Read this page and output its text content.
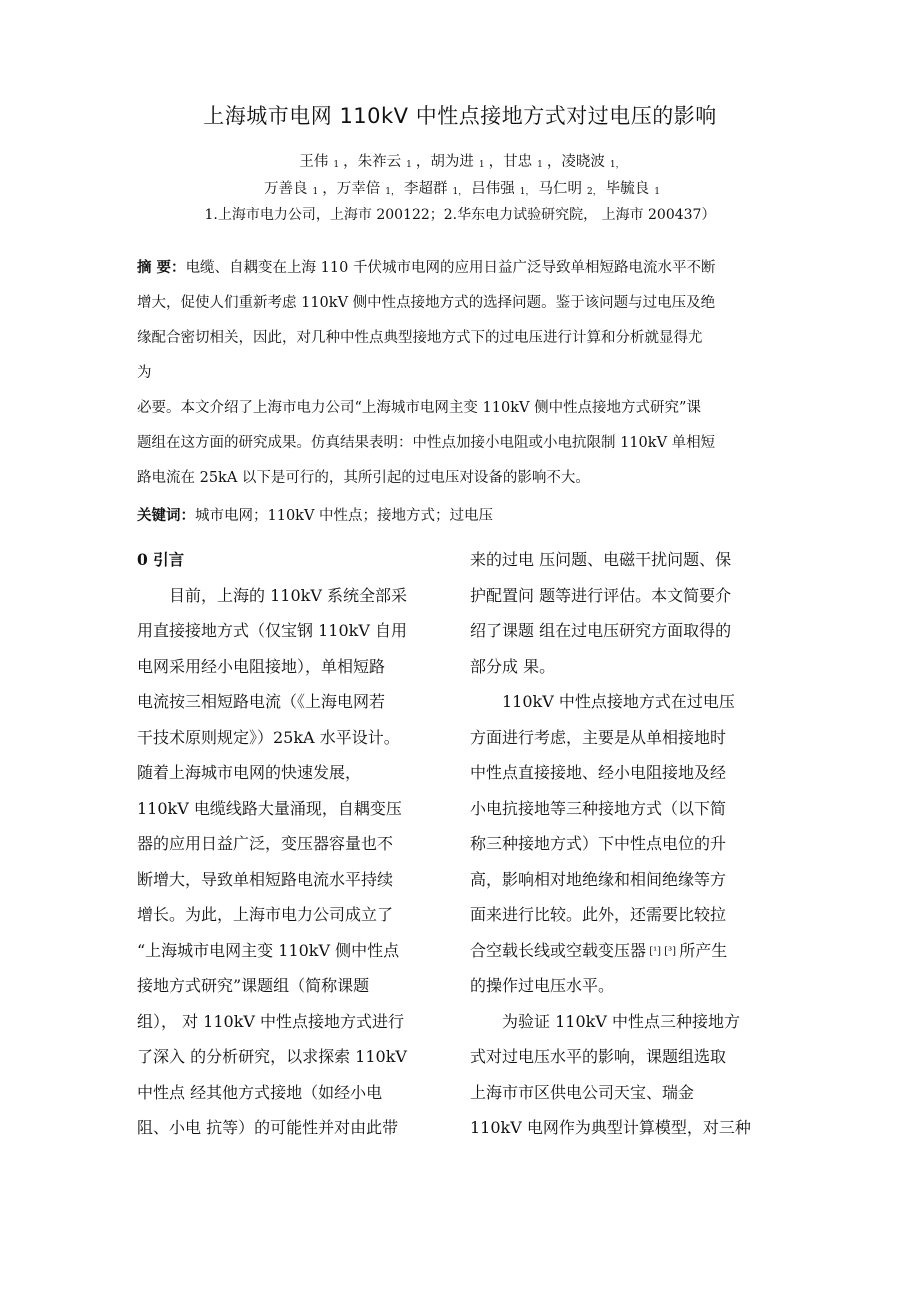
上海城市电网 110kV 中性点接地方式对过电压的影响
王伟 1 ，朱祚云 1 ，胡为进 1 ，甘忠 1 ，凌晓波 1，
万善良 1 ，万幸倍 1， 李超群 1， 吕伟强 1， 马仁明 2， 毕毓良 1
1.上海市电力公司，上海市 200122；2.华东电力试验研究院， 上海市 200437）

摘 要：电缆、自耦变在上海 110 千伏城市电网的应用日益广泛导致单相短路电流水平不断

增大，促使人们重新考虑 110kV 侧中性点接地方式的选择问题。鉴于该问题与过电压及绝

缘配合密切相关，因此，对几种中性点典型接地方式下的过电压进行计算和分析就显得尤

为

必要。本文介绍了上海市电力公司“上海城市电网主变 110kV 侧中性点接地方式研究”课

题组在这方面的研究成果。仿真结果表明：中性点加接小电阻或小电抗限制 110kV 单相短

路电流在 25kA 以下是可行的，其所引起的过电压对设备的影响不大。

关键词：城市电网；110kV 中性点；接地方式；过电压
0 引言
　　目前，上海的 110kV 系统全部采
用直接接地方式（仅宝钢 110kV 自用
电网采用经小电阻接地），单相短路
电流按三相短路电流（《上海电网若
干技术原则规定》）25kA 水平设计。
随着上海城市电网的快速发展，
110kV 电缆线路大量涌现，自耦变压
器的应用日益广泛，变压器容量也不
断增大，导致单相短路电流水平持续
增长。为此，上海市电力公司成立了
“上海城市电网主变 110kV 侧中性点
接地方式研究”课题组（简称课题
组）， 对 110kV 中性点接地方式进行
了深入 的分析研究，以求探索 110kV
中性点 经其他方式接地（如经小电
阻、小电 抗等）的可能性并对由此带
来的过电 压问题、电磁干扰问题、保
护配置问 题等进行评估。本文简要介
绍了课题 组在过电压研究方面取得的
部分成 果。
　　110kV 中性点接地方式在过电压
方面进行考虑，主要是从单相接地时
中性点直接接地、经小电阻接地及经
小电抗接地等三种接地方式（以下简
称三种接地方式）下中性点电位的升
高，影响相对地绝缘和相间绝缘等方
面来进行比较。此外，还需要比较拉
合空载长线或空载变压器 [¹] [³] 所产生
的操作过电压水平。
　　为验证 110kV 中性点三种接地方
式对过电压水平的影响，课题组选取
上海市市区供电公司天宝、瑞金
110kV 电网作为典型计算模型，对三种
